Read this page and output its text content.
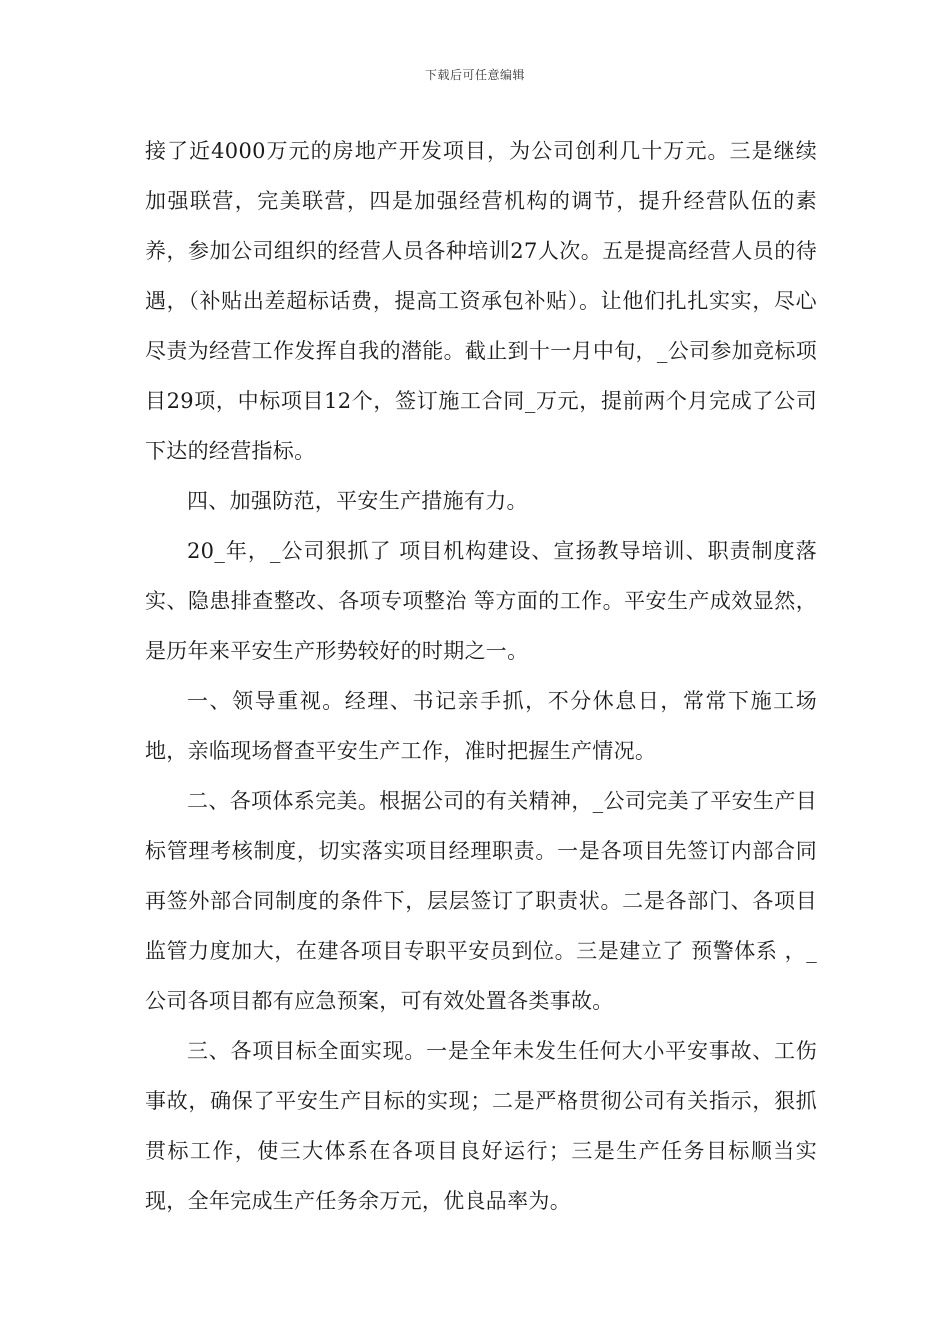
下载后可任意编辑

接了近4000万元的房地产开发项目，为公司创利几十万元。三是继续加强联营，完美联营，四是加强经营机构的调节，提升经营队伍的素养，参加公司组织的经营人员各种培训27人次。五是提高经营人员的待遇，（补贴出差超标话费，提高工资承包补贴）。让他们扎扎实实，尽心尽责为经营工作发挥自我的潜能。截止到十一月中旬，_公司参加竞标项目29项，中标项目12个，签订施工合同_万元，提前两个月完成了公司下达的经营指标。

四、加强防范，平安生产措施有力。

20_年，_公司狠抓了 项目机构建设、宣扬教导培训、职责制度落实、隐患排查整改、各项专项整治 等方面的工作。平安生产成效显然，是历年来平安生产形势较好的时期之一。

一、领导重视。经理、书记亲手抓，不分休息日，常常下施工场地，亲临现场督查平安生产工作，准时把握生产情况。

二、各项体系完美。根据公司的有关精神，_公司完美了平安生产目标管理考核制度，切实落实项目经理职责。一是各项目先签订内部合同再签外部合同制度的条件下，层层签订了职责状。二是各部门、各项目监管力度加大，在建各项目专职平安员到位。三是建立了 预警体系 ，_公司各项目都有应急预案，可有效处置各类事故。

三、各项目标全面实现。一是全年未发生任何大小平安事故、工伤事故，确保了平安生产目标的实现；二是严格贯彻公司有关指示，狠抓贯标工作，使三大体系在各项目良好运行；三是生产任务目标顺当实现，全年完成生产任务余万元，优良品率为。
